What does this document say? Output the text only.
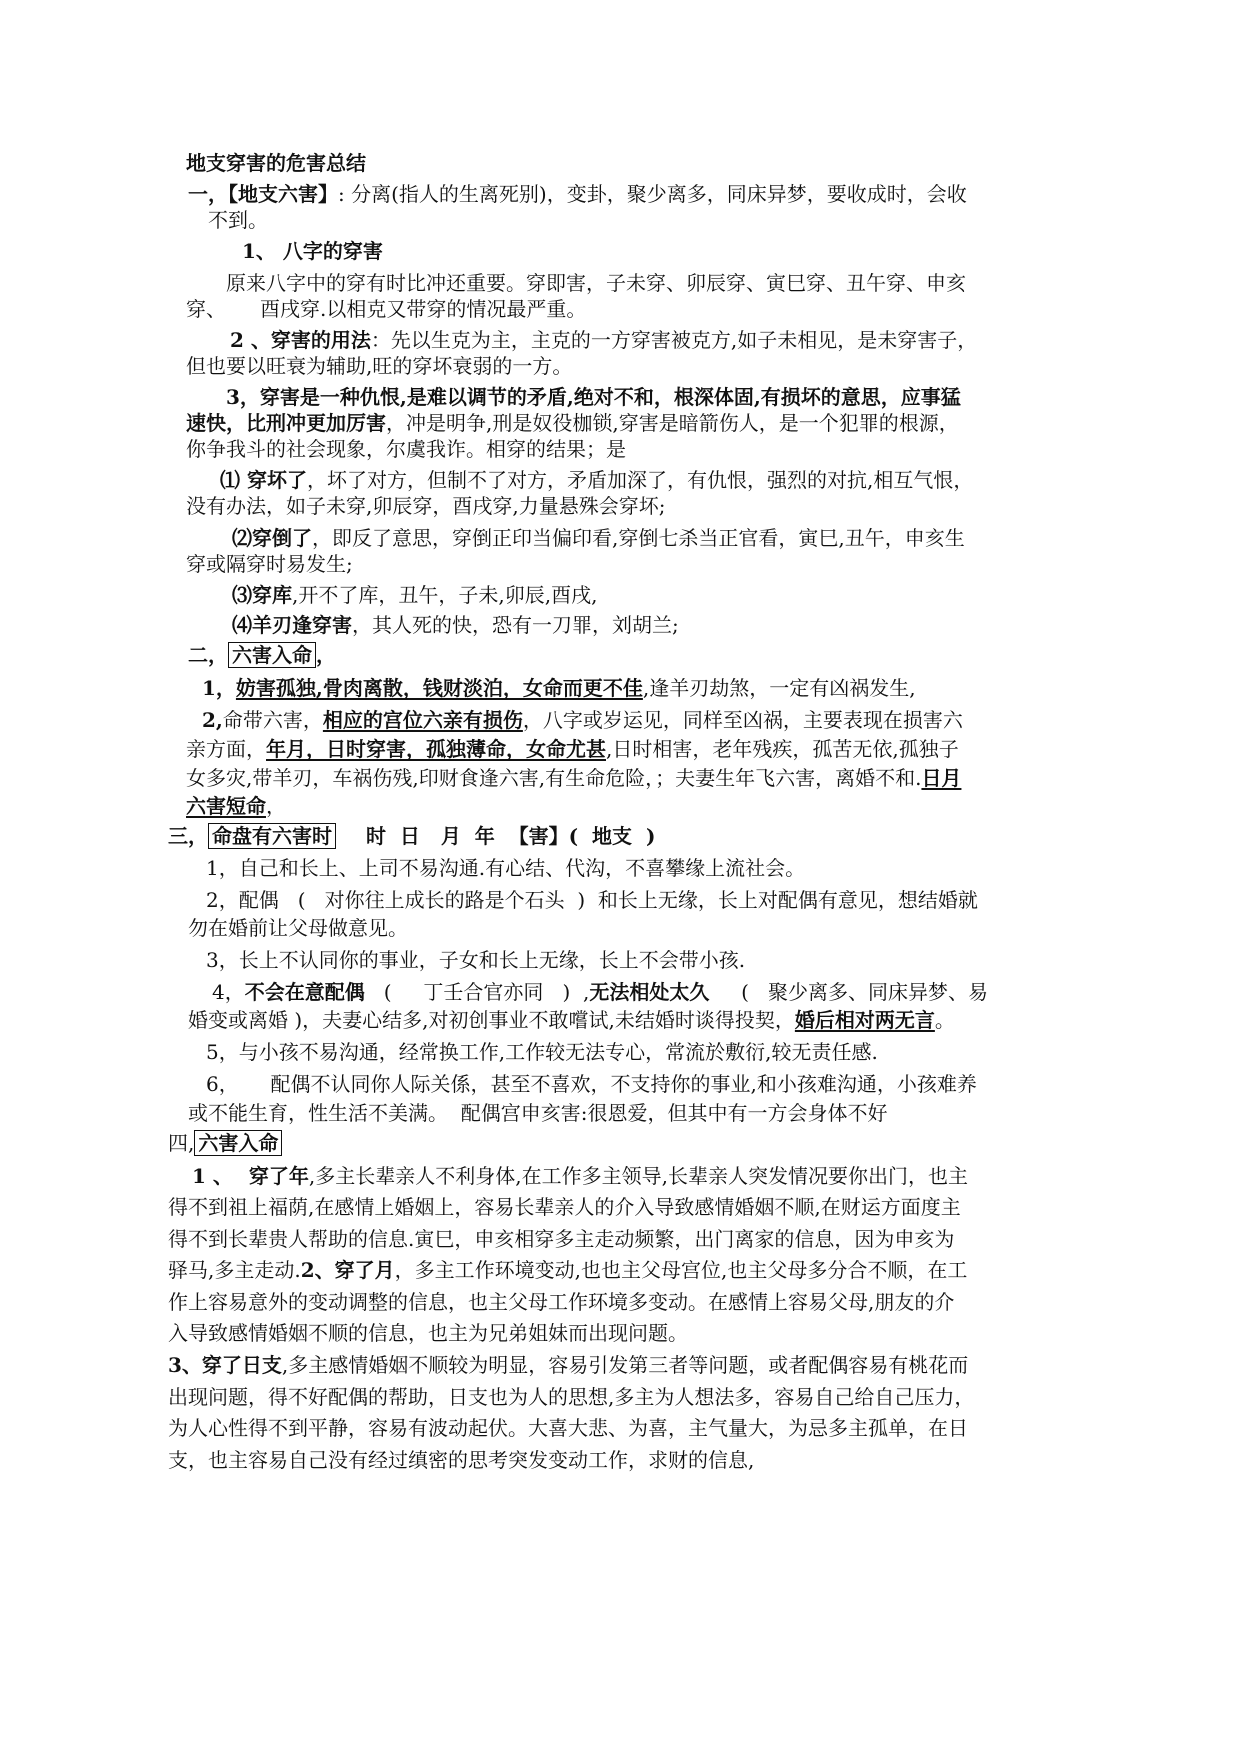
地支穿害的危害总结
一，【地支六害】: 分离(指人的生离死别)，变卦，聚少离多，同床异梦，要收成时，会收
不到。
1、 八字的穿害
原来八字中的穿有时比冲还重要。穿即害，子未穿、卯辰穿、寅巳穿、丑午穿、申亥
穿、 酉戌穿.以相克又带穿的情况最严重。
2 、穿害的用法：先以生克为主，主克的一方穿害被克方,如子未相见，是未穿害子，
但也要以旺衰为辅助,旺的穿坏衰弱的一方。
3，穿害是一种仇恨,是难以调节的矛盾,绝对不和，根深体固,有损坏的意思，应事猛
速快，比刑冲更加厉害，冲是明争,刑是奴役枷锁,穿害是暗箭伤人，是一个犯罪的根源，
你争我斗的社会现象，尔虞我诈。相穿的结果；是
⑴ 穿坏了，坏了对方，但制不了对方，矛盾加深了，有仇恨，强烈的对抗,相互气恨，
没有办法，如子未穿,卯辰穿，酉戌穿,力量悬殊会穿坏;
⑵穿倒了，即反了意思，穿倒正印当偏印看,穿倒七杀当正官看，寅巳,丑午，申亥生
穿或隔穿时易发生;
⑶穿库,开不了库，丑午，子未,卯辰,酉戌,
⑷羊刃逢穿害，其人死的快，恐有一刀罪，刘胡兰;
二， 六害入命 ，
1，妨害孤独,骨肉离散，钱财淡泊，女命而更不佳,逢羊刃劫煞，一定有凶祸发生,
2,命带六害，相应的宫位六亲有损伤，八字或岁运见，同样至凶祸，主要表现在损害六
亲方面，年月，日时穿害，孤独薄命，女命尤甚,日时相害，老年残疾，孤苦无依,孤独子
女多灾,带羊刃，车祸伤残,印财食逢六害,有生命危险，；夫妻生年飞六害，离婚不和.日月
六害短命，
三， 命盘有六害时 时  日   月  年  【害】(  地支  )
1，自己和长上、上司不易沟通.有心结、代沟，不喜攀缘上流社会。
2，配偶   (   对你往上成长的路是个石头  )  和长上无缘，长上对配偶有意见，想结婚就
勿在婚前让父母做意见。
3，长上不认同你的事业，子女和长上无缘，长上不会带小孩.
4，不会在意配偶   (     丁壬合官亦同   )  ,无法相处太久     (   聚少离多、同床异梦、易
婚变或离婚 )，夫妻心结多,对初创事业不敢嚐试,未结婚时谈得投契，婚后相对两无言。
5，与小孩不易沟通，经常换工作,工作较无法专心，常流於敷衍,较无责任感.
6，     配偶不认同你人际关係，甚至不喜欢，不支持你的事业,和小孩难沟通，小孩难养
或不能生育，性生活不美满。  配偶宫申亥害:很恩爱，但其中有一方会身体不好
四, 六害入命
1 、 穿了年,多主长辈亲人不利身体,在工作多主领导,长辈亲人突发情况要你出门，也主
得不到祖上福荫,在感情上婚姻上，容易长辈亲人的介入导致感情婚姻不顺,在财运方面度主
得不到长辈贵人帮助的信息.寅巳，申亥相穿多主走动频繁，出门离家的信息，因为申亥为
驿马,多主走动.2、穿了月，多主工作环境变动,也也主父母宫位,也主父母多分合不顺，在工
作上容易意外的变动调整的信息，也主父母工作环境多变动。在感情上容易父母,朋友的介
入导致感情婚姻不顺的信息，也主为兄弟姐妹而出现问题。
3、穿了日支,多主感情婚姻不顺较为明显，容易引发第三者等问题，或者配偶容易有桃花而
出现问题，得不好配偶的帮助，日支也为人的思想,多主为人想法多，容易自己给自己压力，
为人心性得不到平静，容易有波动起伏。大喜大悲、为喜，主气量大，为忌多主孤单，在日
支，也主容易自己没有经过缜密的思考突发变动工作，求财的信息,
